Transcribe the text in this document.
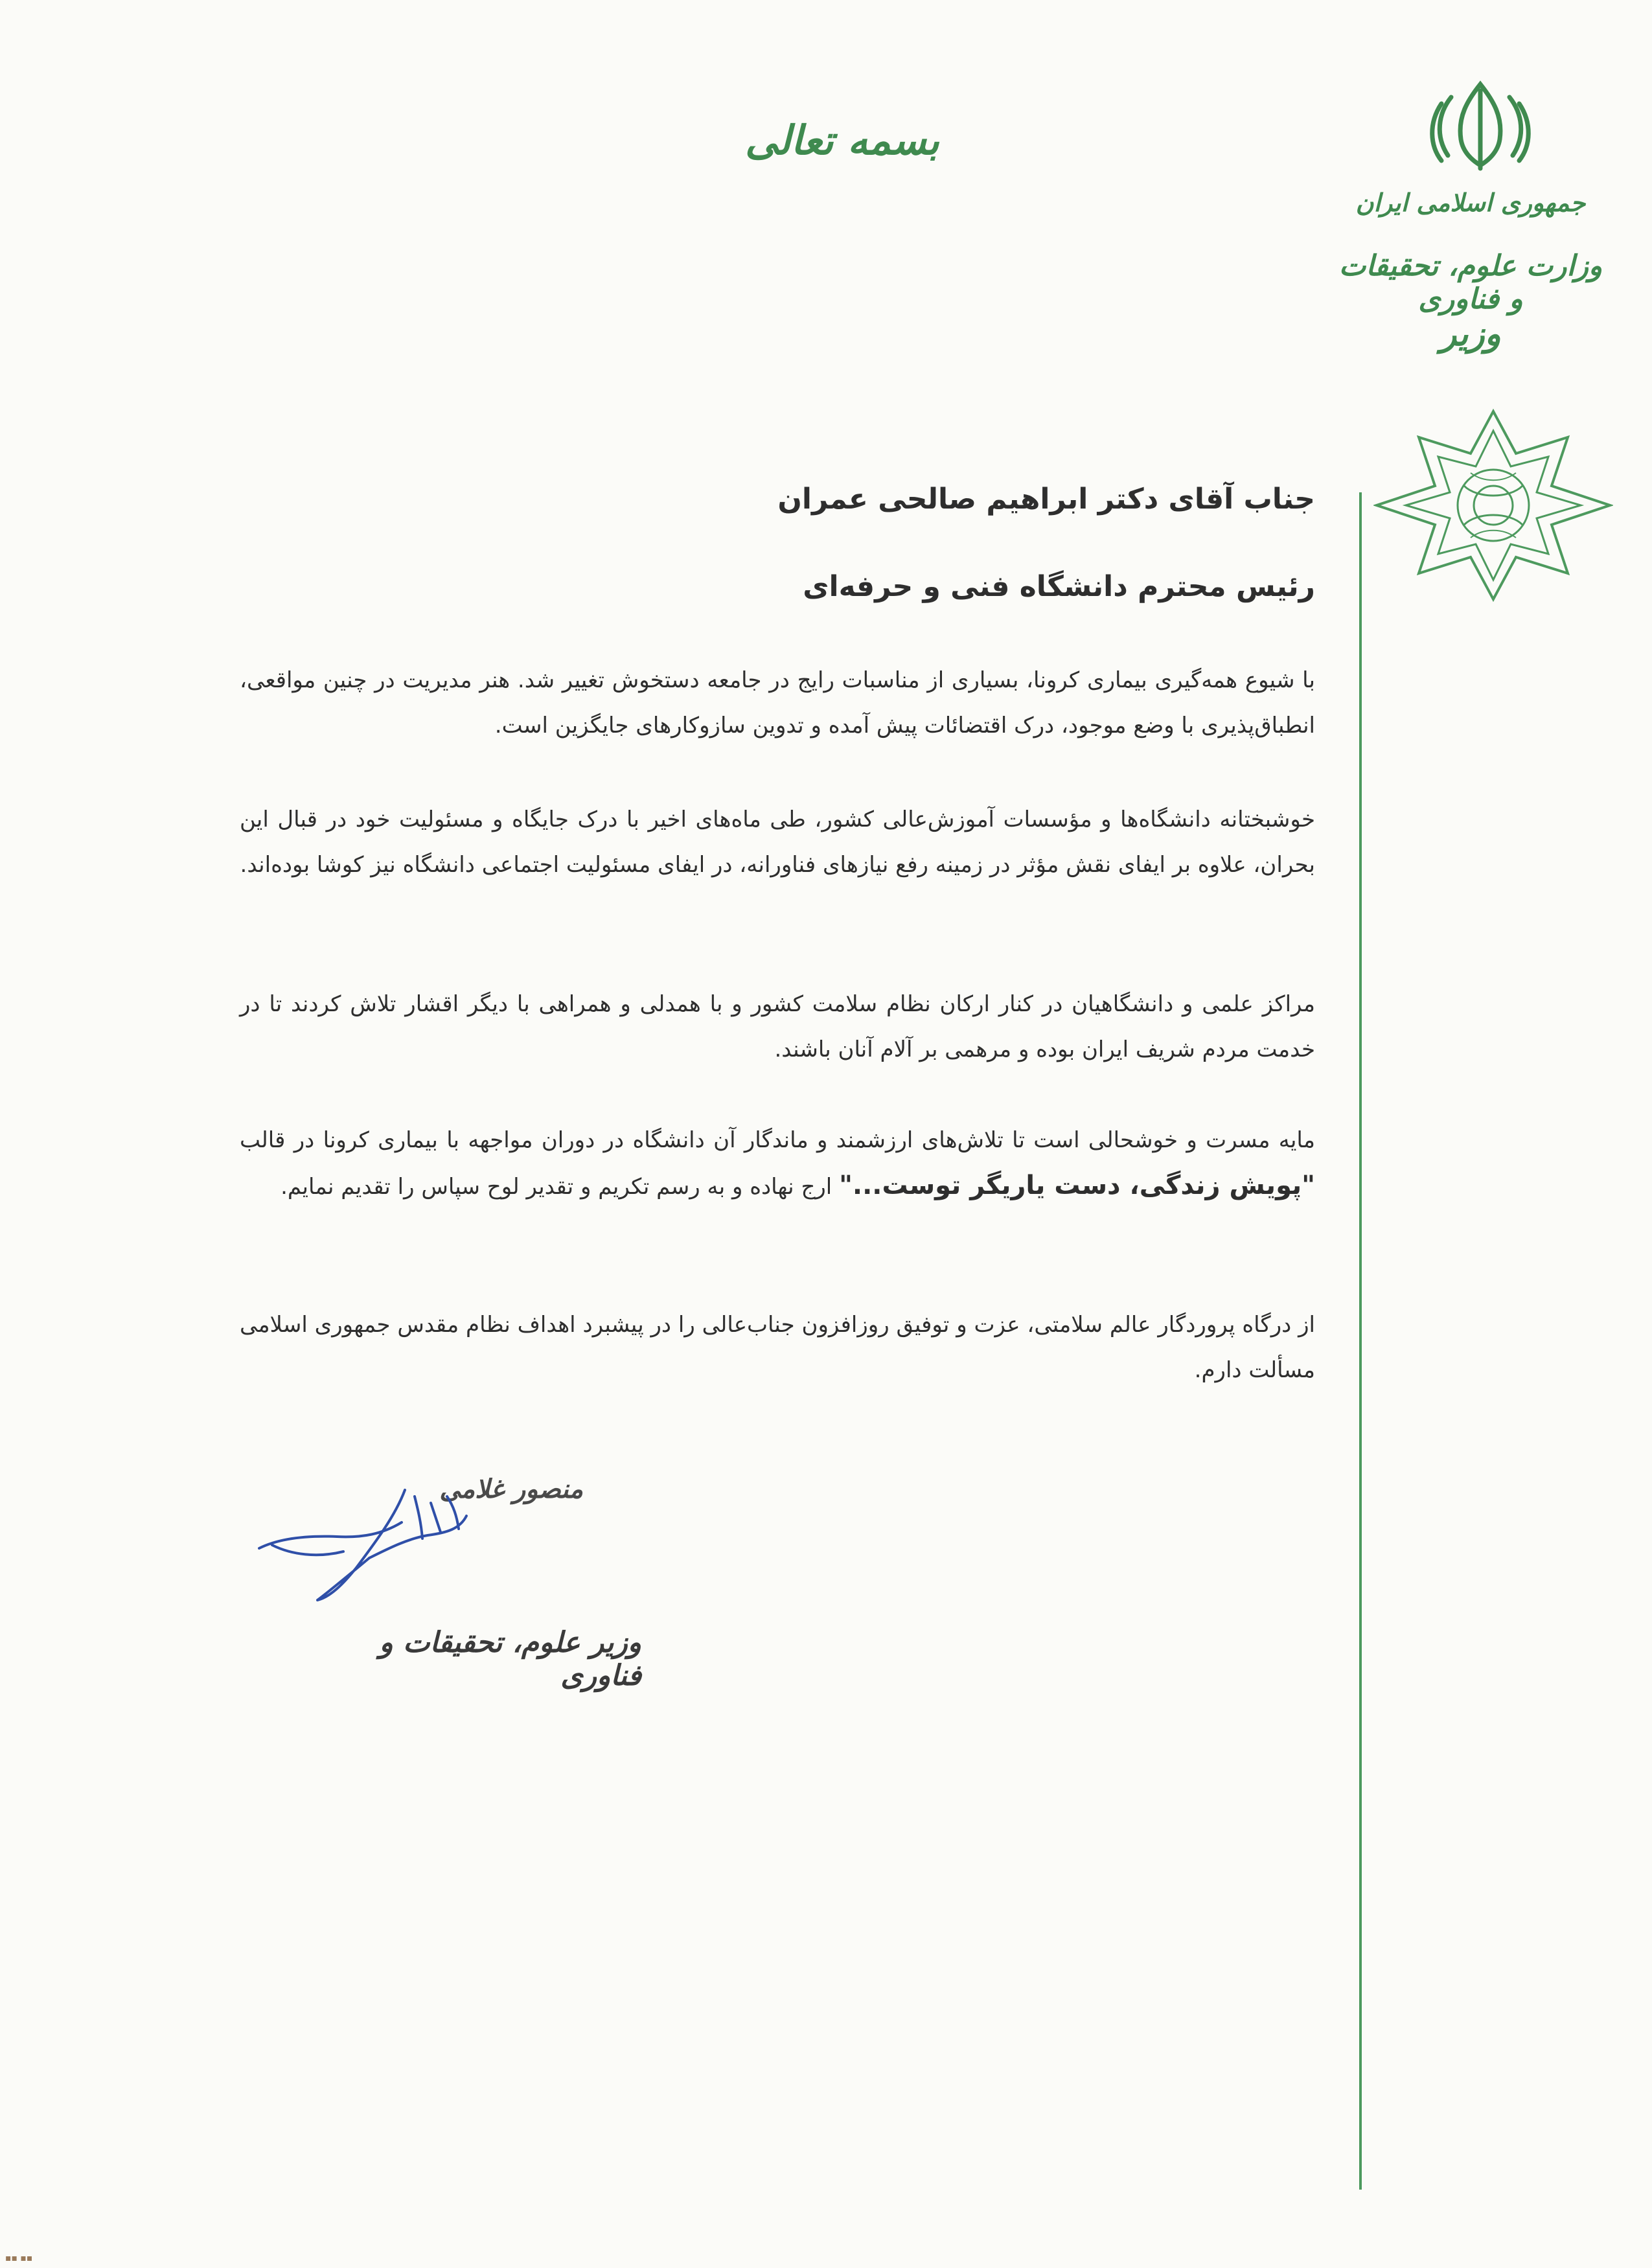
بسمه تعالی
جمهوری اسلامی ایران
وزارت علوم، تحقیقات و فناوری
وزیر
جناب آقای دکتر ابراهیم صالحی عمران
رئیس محترم دانشگاه فنی و حرفه‌ای
با شیوع همه‌گیری بیماری کرونا، بسیاری از مناسبات رایج در جامعه دستخوش تغییر شد. هنر مدیریت در چنین مواقعی، انطباق‌پذیری با وضع موجود، درک اقتضائات پیش آمده و تدوین سازوکارهای جایگزین است.
خوشبختانه دانشگاه‌ها و مؤسسات آموزش‌عالی کشور، طی ماه‌های اخیر با درک جایگاه و مسئولیت خود در قبال این بحران، علاوه بر ایفای نقش مؤثر در زمینه رفع نیازهای فناورانه، در ایفای مسئولیت اجتماعی دانشگاه نیز کوشا بوده‌اند.
مراکز علمی و دانشگاهیان در کنار ارکان نظام سلامت کشور و با همدلی و همراهی با دیگر اقشار تلاش کردند تا در خدمت مردم شریف ایران بوده و مرهمی بر آلام آنان باشند.
مایه مسرت و خوشحالی است تا تلاش‌های ارزشمند و ماندگار آن دانشگاه در دوران مواجهه با بیماری کرونا در قالب "پویش زندگی، دست یاریگر توست..." ارج نهاده و به رسم تکریم و تقدیر لوح سپاس را تقدیم نمایم.
از درگاه پروردگار عالم سلامتی، عزت و توفیق روزافزون جناب‌عالی را در پیشبرد اهداف نظام مقدس جمهوری اسلامی مسألت دارم.
منصور غلامی
وزیر علوم، تحقیقات و فناوری
▪▪ ▪▪
